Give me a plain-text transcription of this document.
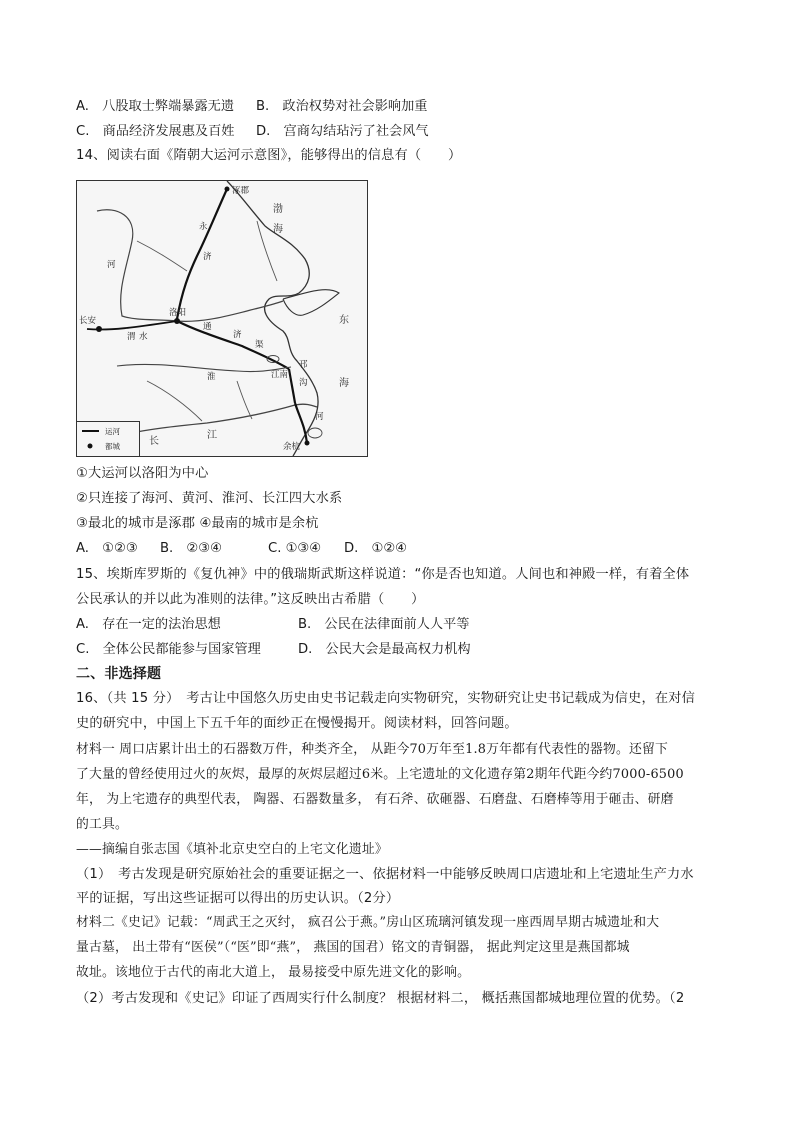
A.　八股取士弊端暴露无遗 B.　政治权势对社会影响加重
C.　商品经济发展惠及百姓 D.　宫商勾结玷污了社会风气
14、阅读右面《隋朝大运河示意图》，能够得出的信息有（　　）
涿郡
渤
海
东
海
永
济
河
通
济
渠
洛阳
长安
渭 水
淮
邗
沟
江南
河
余杭
长
江
运河
都城
①大运河以洛阳为中心
②只连接了海河、黄河、淮河、长江四大水系
③最北的城市是涿郡 ④最南的城市是余杭
A.　①②③ B.　②③④	C. ①③④ D.　①②④
15、埃斯库罗斯的《复仇神》中的俄瑞斯武斯这样说道：“你是否也知道。人间也和神殿一样，有着全体
公民承认的并以此为准则的法律。”这反映出古希腊（　　）
A.　存在一定的法治思想	B.　公民在法律面前人人平等
C.　全体公民都能参与国家管理	D.　公民大会是最高权力机构
二、非选择题
16、（共 15 分）　考古让中国悠久历史由史书记载走向实物研究，实物研究让史书记载成为信史，在对信
史的研究中，中国上下五千年的面纱正在慢慢揭开。阅读材料，回答问题。
材料一 周口店累计出土的石器数万件，种类齐全， 从距今70万年至1.8万年都有代表性的器物。还留下
了大量的曾经使用过火的灰烬，最厚的灰烬层超过6米。上宅遗址的文化遗存第2期年代距今约7000-6500
年， 为上宅遗存的典型代表， 陶器、石器数量多， 有石斧、砍砸器、石磨盘、石磨棒等用于砸击、研磨
的工具。
——摘编自张志国《填补北京史空白的上宅文化遗址》
（1）　考古发现是研究原始社会的重要证据之一、依据材料一中能够反映周口店遗址和上宅遗址生产力水
平的证据，写出这些证据可以得出的历史认识。（2分）
材料二《史记》记载：“周武王之灭纣， 疯召公于燕。”房山区琉璃河镇发现一座西周早期古城遗址和大
量古墓， 出土带有“医侯”（“医”即“燕”， 燕国的国君）铭文的青铜器， 据此判定这里是燕国都城
故址。该地位于古代的南北大道上， 最易接受中原先进文化的影响。
（2）考古发现和《史记》印证了西周实行什么制度？ 根据材料二， 概括燕国都城地理位置的优势。（2
